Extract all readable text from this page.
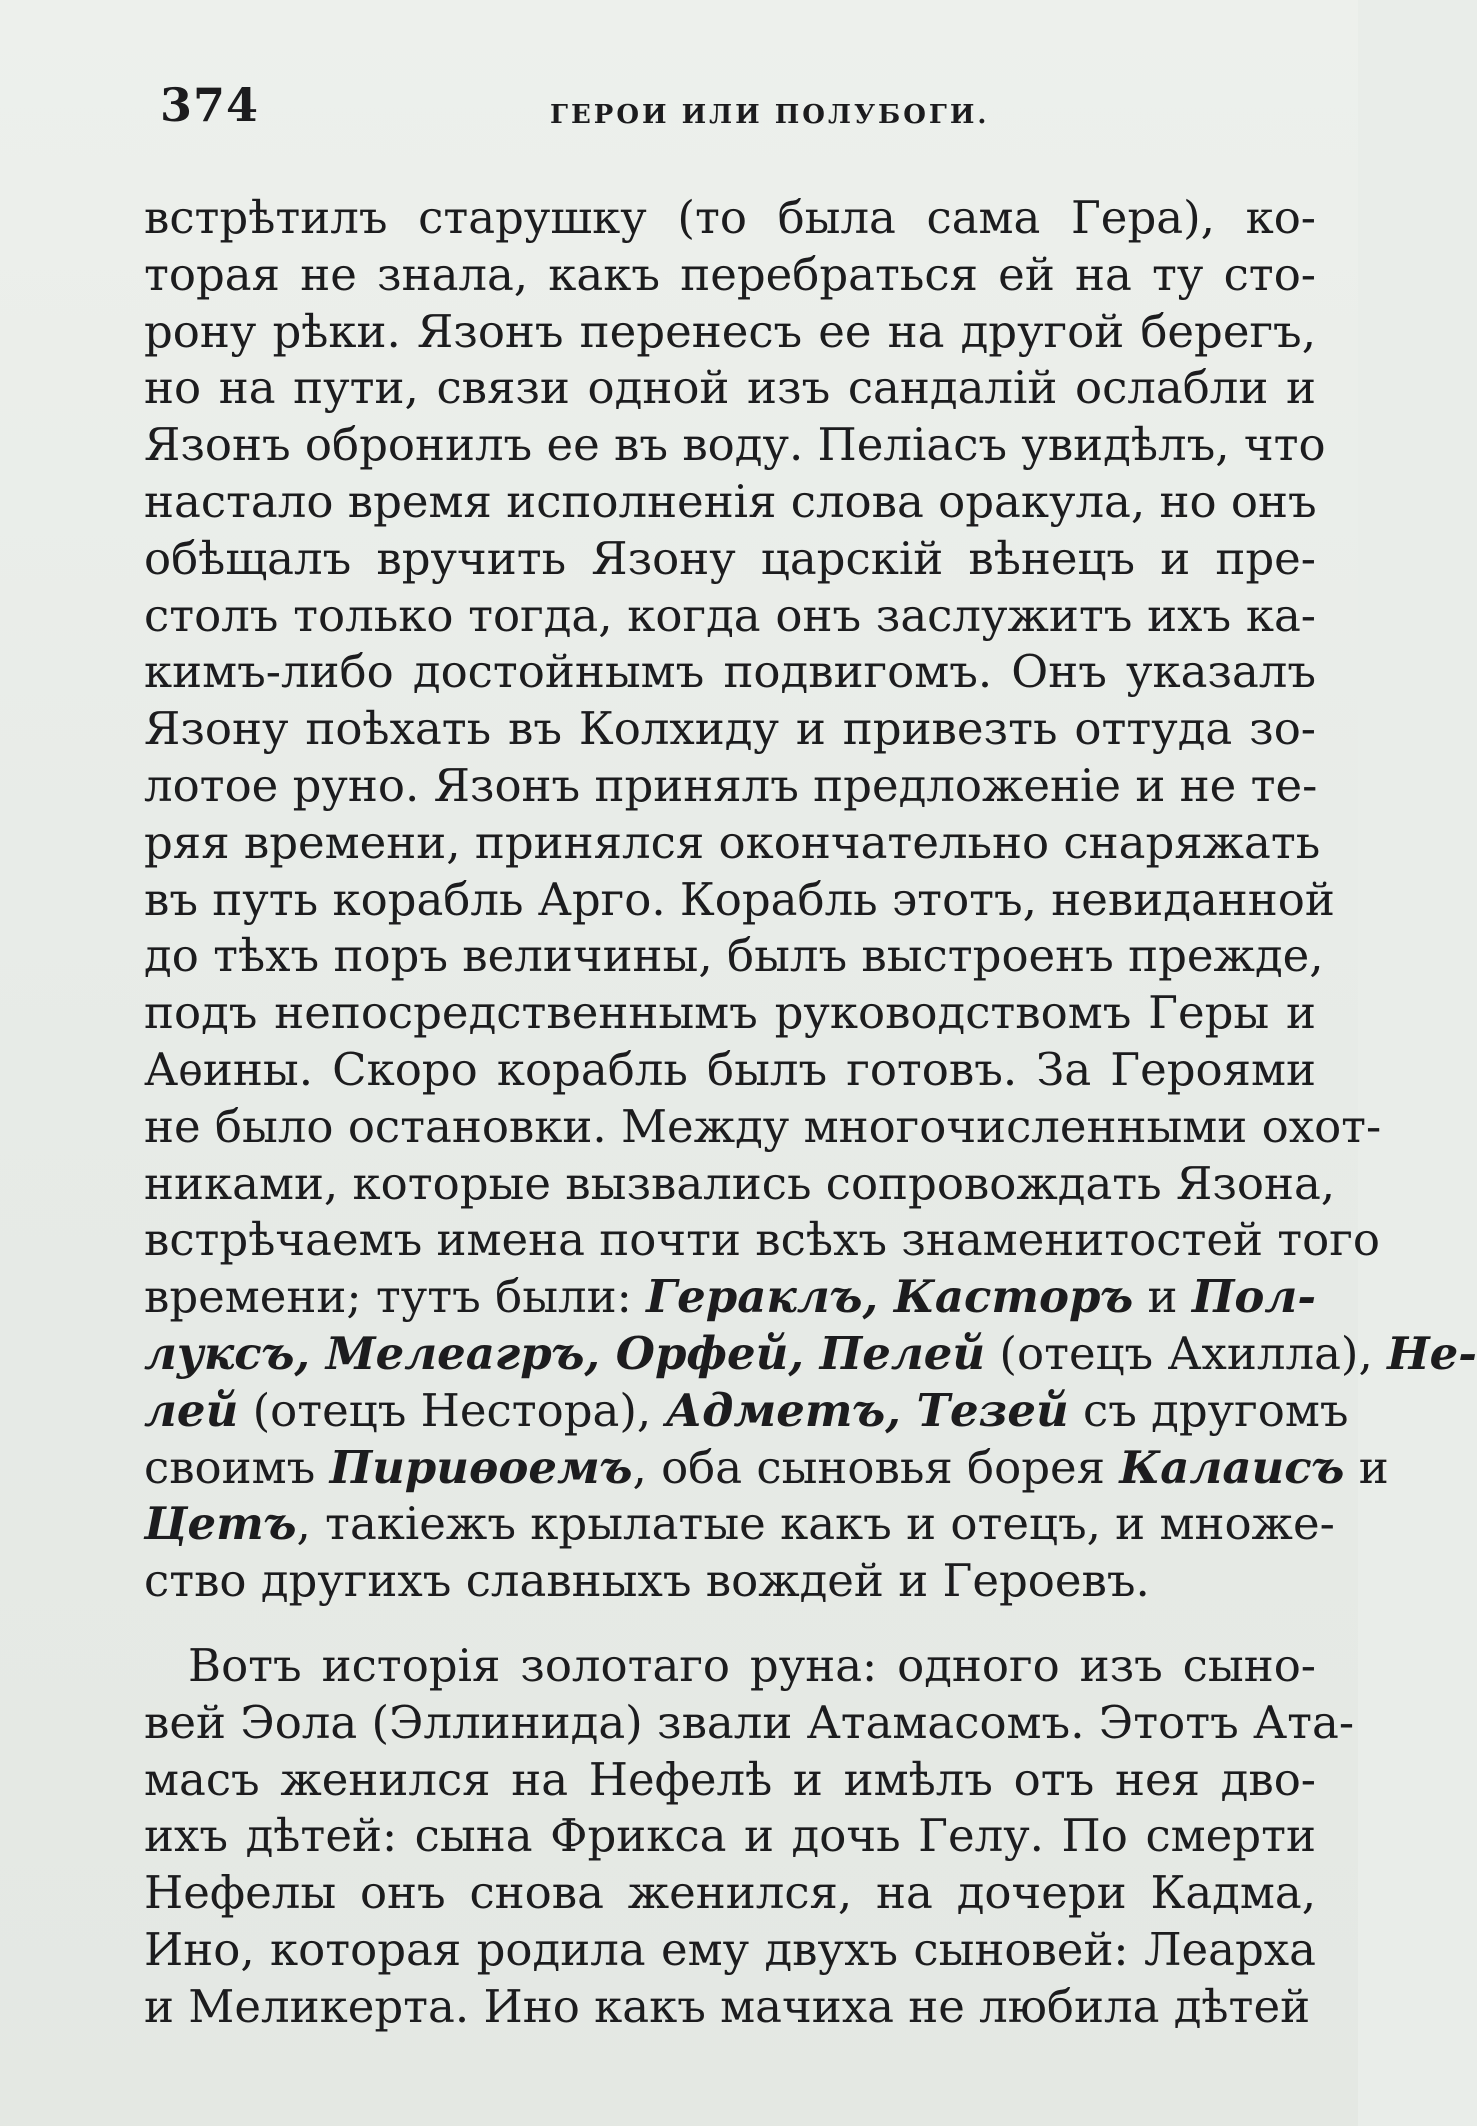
374	ГЕРОИ ИЛИ ПОЛУБОГИ.
встрѣтилъ старушку (то была сама Гера), ко-
торая не знала, какъ перебраться ей на ту сто-
рону рѣки. Язонъ перенесъ ее на другой берегъ,
но на пути, связи одной изъ сандалій ослабли и
Язонъ обронилъ ее въ воду. Пеліасъ увидѣлъ, что
настало время исполненія слова оракула, но онъ
обѣщалъ вручить Язону царскій вѣнецъ и пре-
столъ только тогда, когда онъ заслужитъ ихъ ка-
кимъ-либо достойнымъ подвигомъ. Онъ указалъ
Язону поѣхать въ Колхиду и привезть оттуда зо-
лотое руно. Язонъ принялъ предложеніе и не те-
ряя времени, принялся окончательно снаряжать
въ путь корабль Арго. Корабль этотъ, невиданной
до тѣхъ поръ величины, былъ выстроенъ прежде,
подъ непосредственнымъ руководствомъ Геры и
Аѳины. Скоро корабль былъ готовъ. За Героями
не было остановки. Между многочисленными охот-
никами, которые вызвались сопровождать Язона,
встрѣчаемъ имена почти всѣхъ знаменитостей того
времени; тутъ были: Гераклъ, Касторъ и Пол-
луксъ, Мелеагръ, Орфей, Пелей (отецъ Ахилла), Не-
лей (отецъ Нестора), Адметъ, Тезей съ другомъ
своимъ Пириѳоемъ, оба сыновья борея Калаисъ и
Цетъ, такіежъ крылатые какъ и отецъ, и множе-
ство другихъ славныхъ вождей и Героевъ.
Вотъ исторія золотаго руна: одного изъ сыно-
вей Эола (Эллинида) звали Атамасомъ. Этотъ Ата-
масъ женился на Нефелѣ и имѣлъ отъ нея дво-
ихъ дѣтей: сына Фрикса и дочь Гелу. По смерти
Нефелы онъ снова женился, на дочери Кадма,
Ино, которая родила ему двухъ сыновей: Леарха
и Меликерта. Ино какъ мачиха не любила дѣтей
